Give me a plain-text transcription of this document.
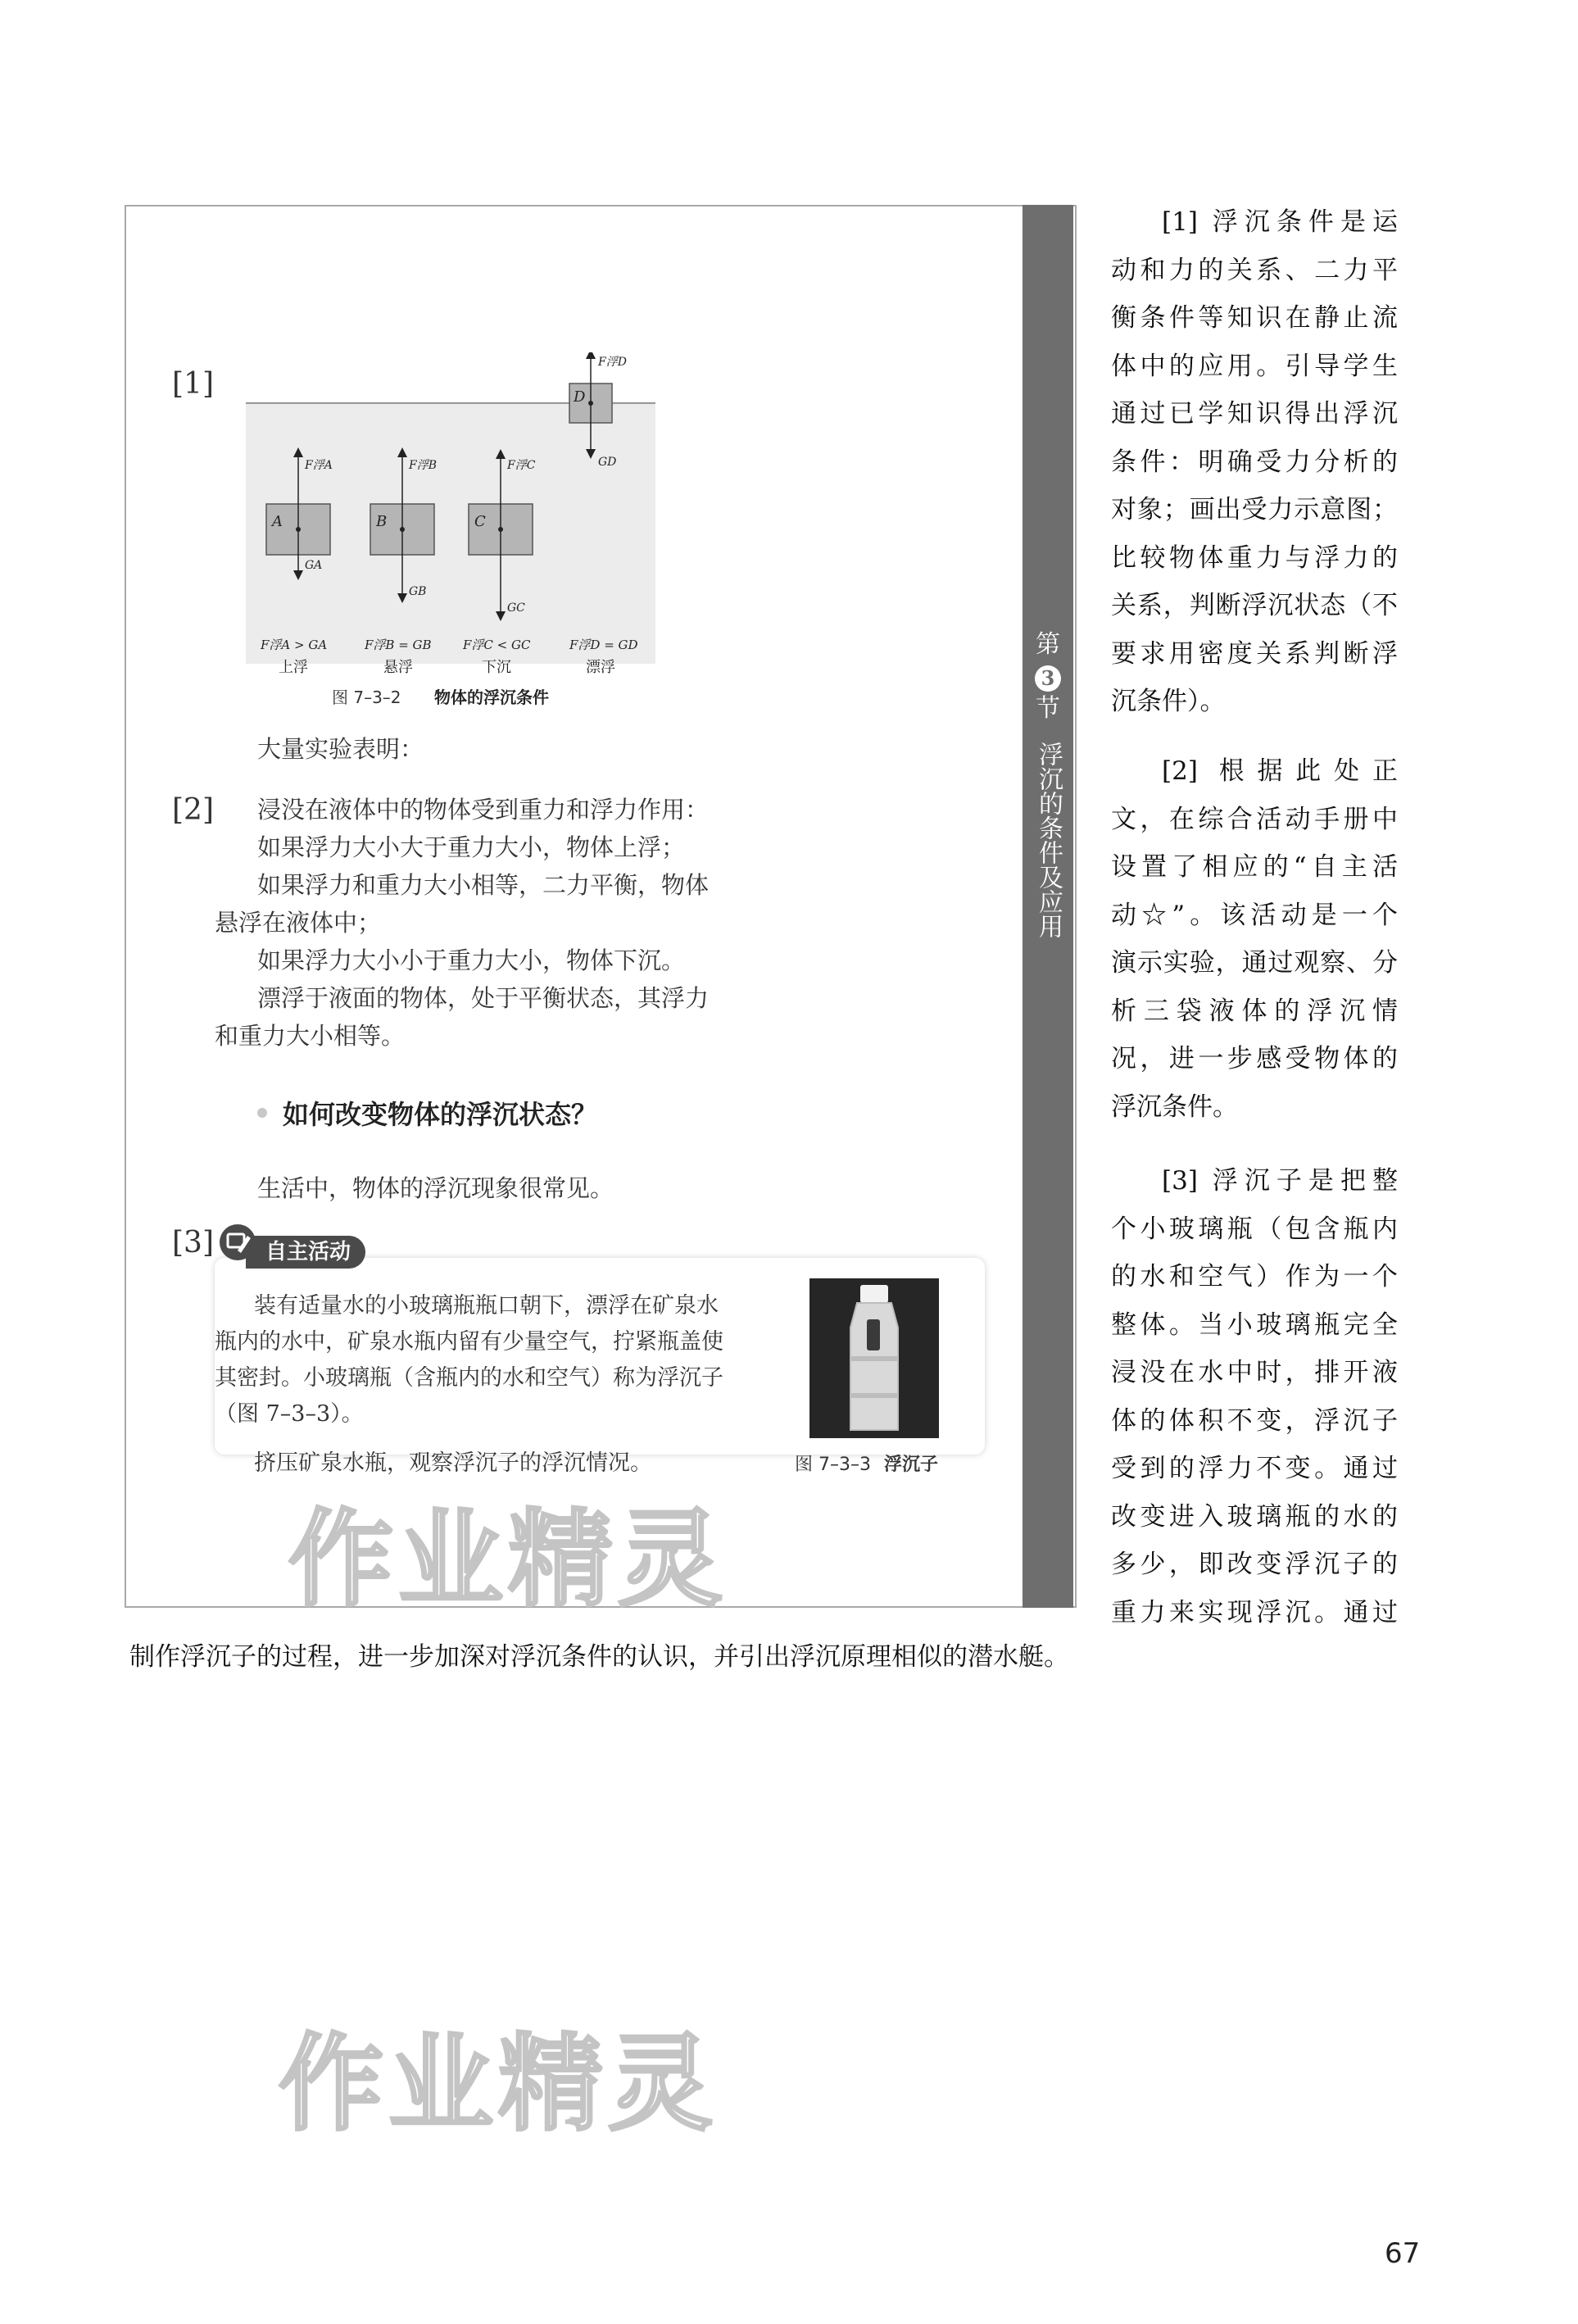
第
3
节
浮沉的条件及应用
53
[1]	D
F浮D
GD
A
F浮A
GA
B
F浮B
GB
C
F浮C
GC
F浮A > GA	F浮B = GB	F浮C < GC	F浮D = GD
上浮	悬浮	下沉	漂浮
图 7–3–2 物体的浮沉条件
大量实验表明：
[2] 浸没在液体中的物体受到重力和浮力作用：
如果浮力大小大于重力大小，物体上浮；
如果浮力和重力大小相等，二力平衡，物体
悬浮在液体中；
如果浮力大小小于重力大小，物体下沉。
漂浮于液面的物体，处于平衡状态，其浮力
和重力大小相等。
如何改变物体的浮沉状态？
生活中，物体的浮沉现象很常见。
[3]	自主活动
装有适量水的小玻璃瓶瓶口朝下，漂浮在矿泉水
瓶内的水中，矿泉水瓶内留有少量空气，拧紧瓶盖使
其密封。小玻璃瓶（含瓶内的水和空气）称为浮沉子
（图 7–3–3）。
挤压矿泉水瓶，观察浮沉子的浮沉情况。	图 7–3–3 浮沉子
作业精灵

[1] 浮沉条件是运

动和力的关系、二力平

衡条件等知识在静止流

体中的应用。引导学生

通过已学知识得出浮沉

条件：明确受力分析的

对象；画出受力示意图；

比较物体重力与浮力的

关系，判断浮沉状态（不

要求用密度关系判断浮

沉条件）。

[2] 根据此处正

文，在综合活动手册中

设置了相应的“自主活

动☆”。该活动是一个

演示实验，通过观察、分

析三袋液体的浮沉情

况，进一步感受物体的

浮沉条件。

[3] 浮沉子是把整

个小玻璃瓶（包含瓶内

的水和空气）作为一个

整体。当小玻璃瓶完全

浸没在水中时，排开液

体的体积不变，浮沉子

受到的浮力不变。通过

改变进入玻璃瓶的水的

多少，即改变浮沉子的

重力来实现浮沉。通过

制作浮沉子的过程，进一步加深对浮沉条件的认识，并引出浮沉原理相似的潜水艇。
作业精灵
67
